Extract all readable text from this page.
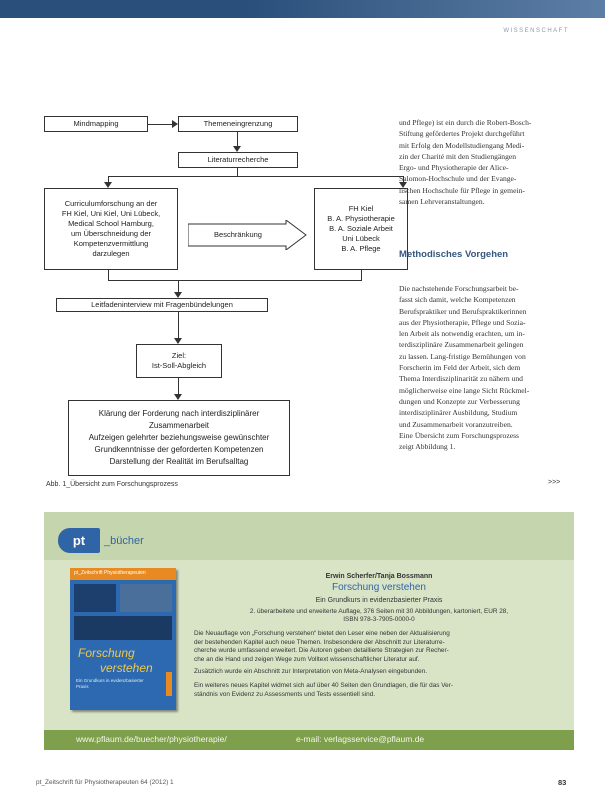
WISSENSCHAFT
Mindmapping	Themeneingrenzung
Literaturrecherche
Curriculumforschung an der
FH Kiel, Uni Kiel, Uni Lübeck,
Medical School Hamburg,
um Überschneidung der
Kompetenzvermittlung
darzulegen
Beschränkung
FH Kiel
B. A. Physiotherapie
B. A. Soziale Arbeit
Uni Lübeck
B. A. Pflege
Leitfadeninterview mit Fragenbündelungen
Ziel:
Ist-Soll-Abgleich
Klärung der Forderung nach interdisziplinärer
Zusammenarbeit
Aufzeigen gelehrter beziehungsweise gewünschter
Grundkenntnisse der geforderten Kompetenzen
Darstellung der Realität im Berufsalltag
Abb. 1_Übersicht zum Forschungsprozess
und Pflege) ist ein durch die Robert-Bosch-
Stiftung gefördertes Projekt durchgeführt
mit Erfolg den Modellstudiengang Medi-
zin der Charité mit den Studiengängen
Ergo- und Physiotherapie der Alice-
Salomon-Hochschule und der Evange-
lischen Hochschule für Pflege in gemein-
samen Lehrveranstaltungen.
Methodisches Vorgehen
Die nachstehende Forschungsarbeit be-
fasst sich damit, welche Kompetenzen
Berufspraktiker und Berufspraktikerinnen
aus der Physiotherapie, Pflege und Sozia-
len Arbeit als notwendig erachten, um in-
terdisziplinäre Zusammenarbeit gelingen
zu lassen. Lang-fristige Bemühungen von
Forscherin im Feld der Arbeit, sich dem
Thema Interdisziplinarität zu nähern und
möglicherweise eine lange Sicht Rückmel-
dungen und Konzepte zur Verbesserung
interdisziplinärer Ausbildung, Studium
und Zusammenarbeit voranzutreiben.
Eine Übersicht zum Forschungsprozess
zeigt Abbildung 1.
>>>
pt	_bücher
pt_Zeitschrift Physiotherapeuten
Forschung
verstehen
Ein Grundkurs in evidenzbasierter Praxis
Erwin Scherfer/Tanja Bossmann
Forschung verstehen
Ein Grundkurs in evidenzbasierter Praxis
2. überarbeitete und erweiterte Auflage, 376 Seiten mit 30 Abbildungen, kartoniert, EUR 28,
ISBN 978-3-7905-0000-0
Die Neuauflage von „Forschung verstehen“ bietet den Leser eine neben der Aktualisierung
der bestehenden Kapitel auch neue Themen. Insbesondere der Abschnitt zur Literaturre-
cherche wurde umfassend erweitert. Die Autoren geben detaillierte Strategien zur Recher-
che an die Hand und zeigen Wege zum Volltext wissenschaftlicher Literatur auf.
Zusätzlich wurde ein Abschnitt zur Interpretation von Meta-Analysen eingebunden.
Ein weiteres neues Kapitel widmet sich auf über 40 Seiten den Grundlagen, die für das Ver-
ständnis von Evidenz zu Assessments und Tests essentiell sind.
www.pflaum.de/buecher/physiotherapie/	e-mail: verlagsservice@pflaum.de
pt_Zeitschrift für Physiotherapeuten 64 (2012) 1	83
